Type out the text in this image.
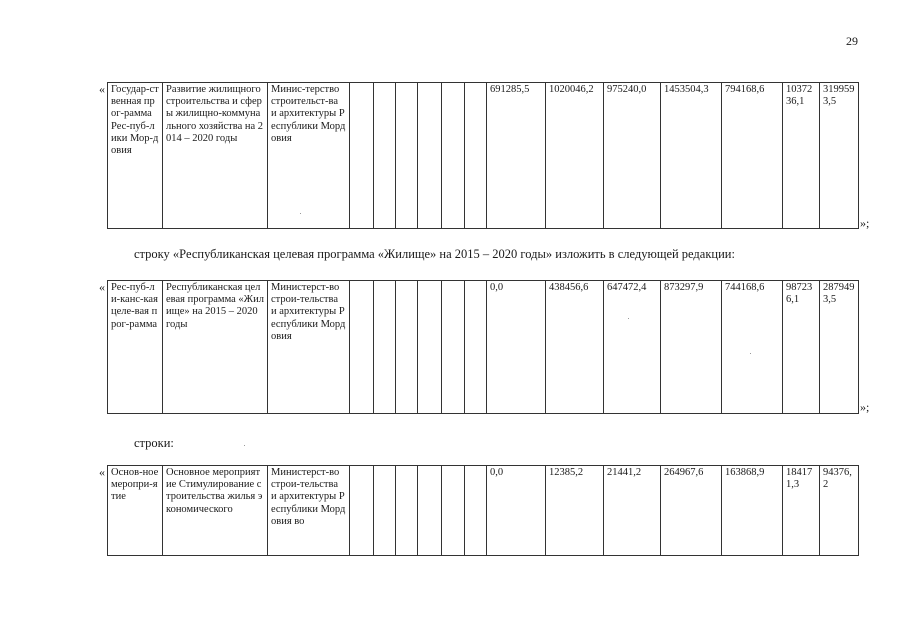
29
« Государ-ственная прог-рамма Рес-пуб-лики Мор-довия	Развитие жилищного строительства и сферы жилищно-коммунального хозяйства на 2014 – 2020 годы	Минис-терство строительст-ва и архитектуры Республики Мордовия							691285,5	1020046,2	975240,0	1453504,3	794168,6	1037236,1	3199593,5
»;
строку «Республиканская целевая программа «Жилище» на 2015 – 2020 годы» изложить в следующей редакции:
« Рес-пуб-ли-канс-кая целе-вая прог-рамма	Республиканская целевая программа «Жилище» на 2015 – 2020 годы	Министерст-во строи-тельства и архитектуры Республики Мордовия							0,0	438456,6	647472,4	873297,9	744168,6	987236,1	2879493,5
»;
строки:
« Основ-ное меропри-ятие	Основное мероприятие Стимулирование строительства жилья экономического	Министерст-во строи-тельства и архитектуры Республики Мордовия во							0,0	12385,2	21441,2	264967,6	163868,9	184171,3	94376,2
